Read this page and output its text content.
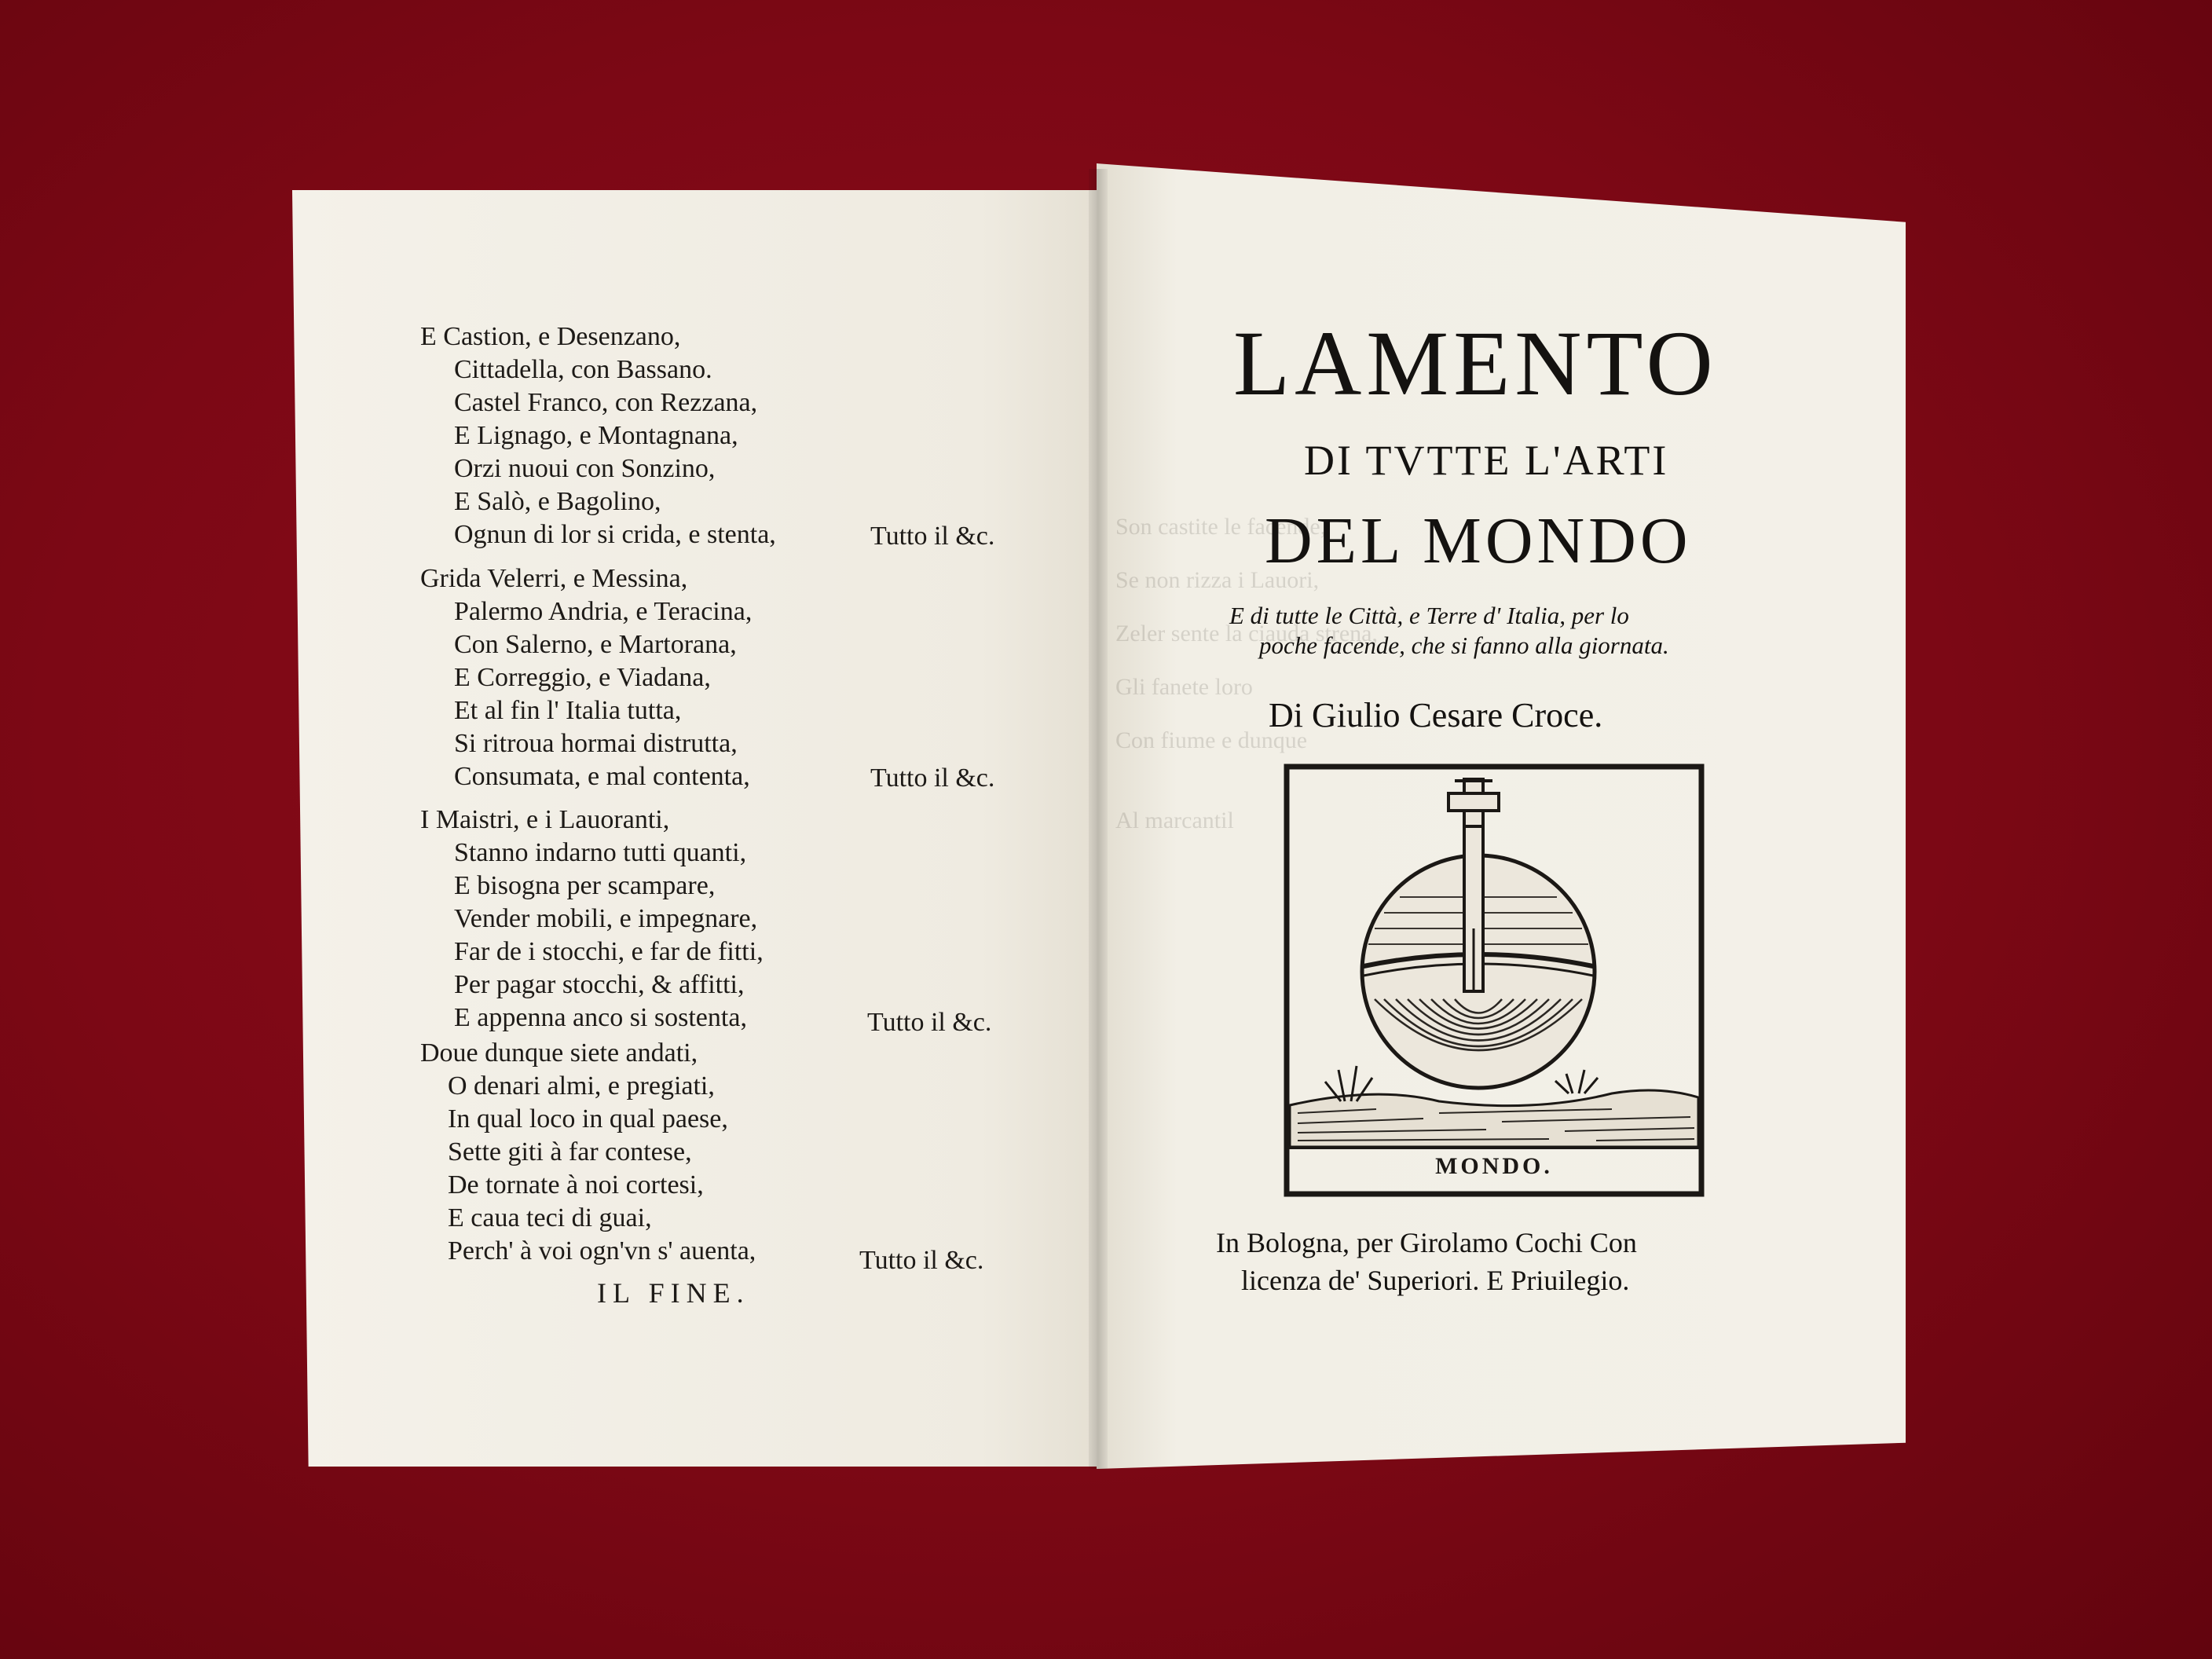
Son castite le facende,

Se non rizza i Lauori,

Zeler sente la ciauda strena,

Gli fanete loro

Con fiume e dunque

Al marcantil

E Castion, e Desenzano,
Cittadella, con Bassano.
Castel Franco, con Rezzana,
E Lignago, e Montagnana,
Orzi nuoui con Sonzino,
E Salò, e Bagolino,
Ognun di lor si crida, e stenta,	Tutto il &c.
Grida Velerri, e Messina,
Palermo Andria, e Teracina,
Con Salerno, e Martorana,
E Correggio, e Viadana,
Et al fin l' Italia tutta,
Si ritroua hormai distrutta,
Consumata, e mal contenta,	Tutto il &c.
I Maistri, e i Lauoranti,
Stanno indarno tutti quanti,
E bisogna per scampare,
Vender mobili, e impegnare,
Far de i stocchi, e far de fitti,
Per pagar stocchi, & affitti,
E appenna anco si sostenta,	Tutto il &c.
Doue dunque siete andati,
O denari almi, e pregiati,
In qual loco in qual paese,
Sette giti à far contese,
De tornate à noi cortesi,
E caua teci di guai,
Perch' à voi ogn'vn s' auenta,	Tutto il &c.
IL FINE.
LAMENTO
DI TVTTE L'ARTI
DEL MONDO
E di tutte le Città, e Terre d' Italia, per lo
poche facende, che si fanno alla giornata.
Di Giulio Cesare Croce.
MONDO.
In Bologna, per Girolamo Cochi Con
licenza de' Superiori. E Priuilegio.
